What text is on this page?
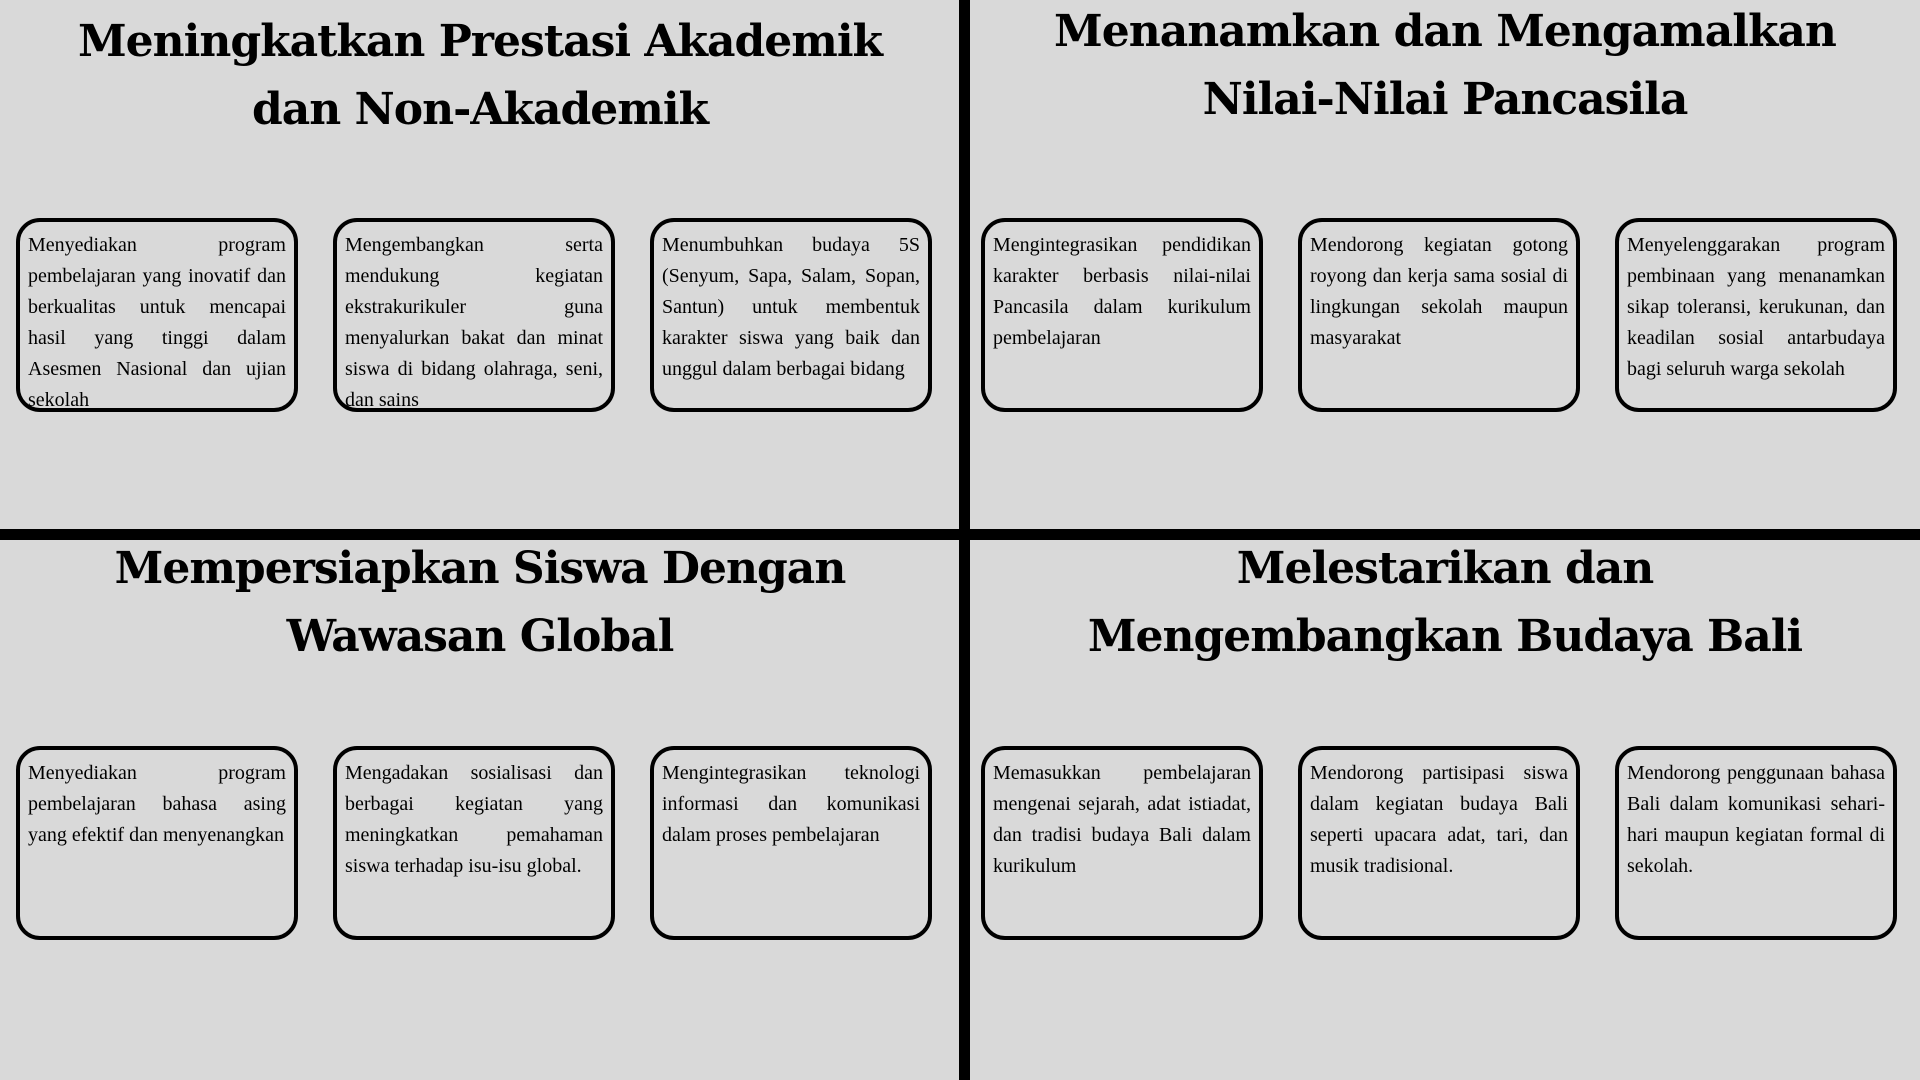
Meningkatkan Prestasi Akademik
dan Non-Akademik

Menyediakan program pembelajaran yang inovatif dan berkualitas untuk mencapai hasil yang tinggi dalam Asesmen Nasional dan ujian sekolah

Mengembangkan serta mendukung kegiatan ekstrakurikuler guna menyalurkan bakat dan minat siswa di bidang olahraga, seni, dan sains

Menumbuhkan budaya 5S (Senyum, Sapa, Salam, Sopan, Santun) untuk membentuk karakter siswa yang baik dan unggul dalam berbagai bidang

Menanamkan dan Mengamalkan
Nilai-Nilai Pancasila

Mengintegrasikan pendidikan karakter berbasis nilai-nilai Pancasila dalam kurikulum pembelajaran

Mendorong kegiatan gotong royong dan kerja sama sosial di lingkungan sekolah maupun masyarakat

Menyelenggarakan program pembinaan yang menanamkan sikap toleransi, kerukunan, dan keadilan sosial antarbudaya bagi seluruh warga sekolah

Mempersiapkan Siswa Dengan
Wawasan Global

Menyediakan program pembelajaran bahasa asing yang efektif dan menyenangkan

Mengadakan sosialisasi dan berbagai kegiatan yang meningkatkan pemahaman siswa terhadap isu-isu global.

Mengintegrasikan teknologi informasi dan komunikasi dalam proses pembelajaran

Melestarikan dan
Mengembangkan Budaya Bali

Memasukkan pembelajaran mengenai sejarah, adat istiadat, dan tradisi budaya Bali dalam kurikulum

Mendorong partisipasi siswa dalam kegiatan budaya Bali seperti upacara adat, tari, dan musik tradisional.

Mendorong penggunaan bahasa Bali dalam komunikasi sehari-hari maupun kegiatan formal di sekolah.
